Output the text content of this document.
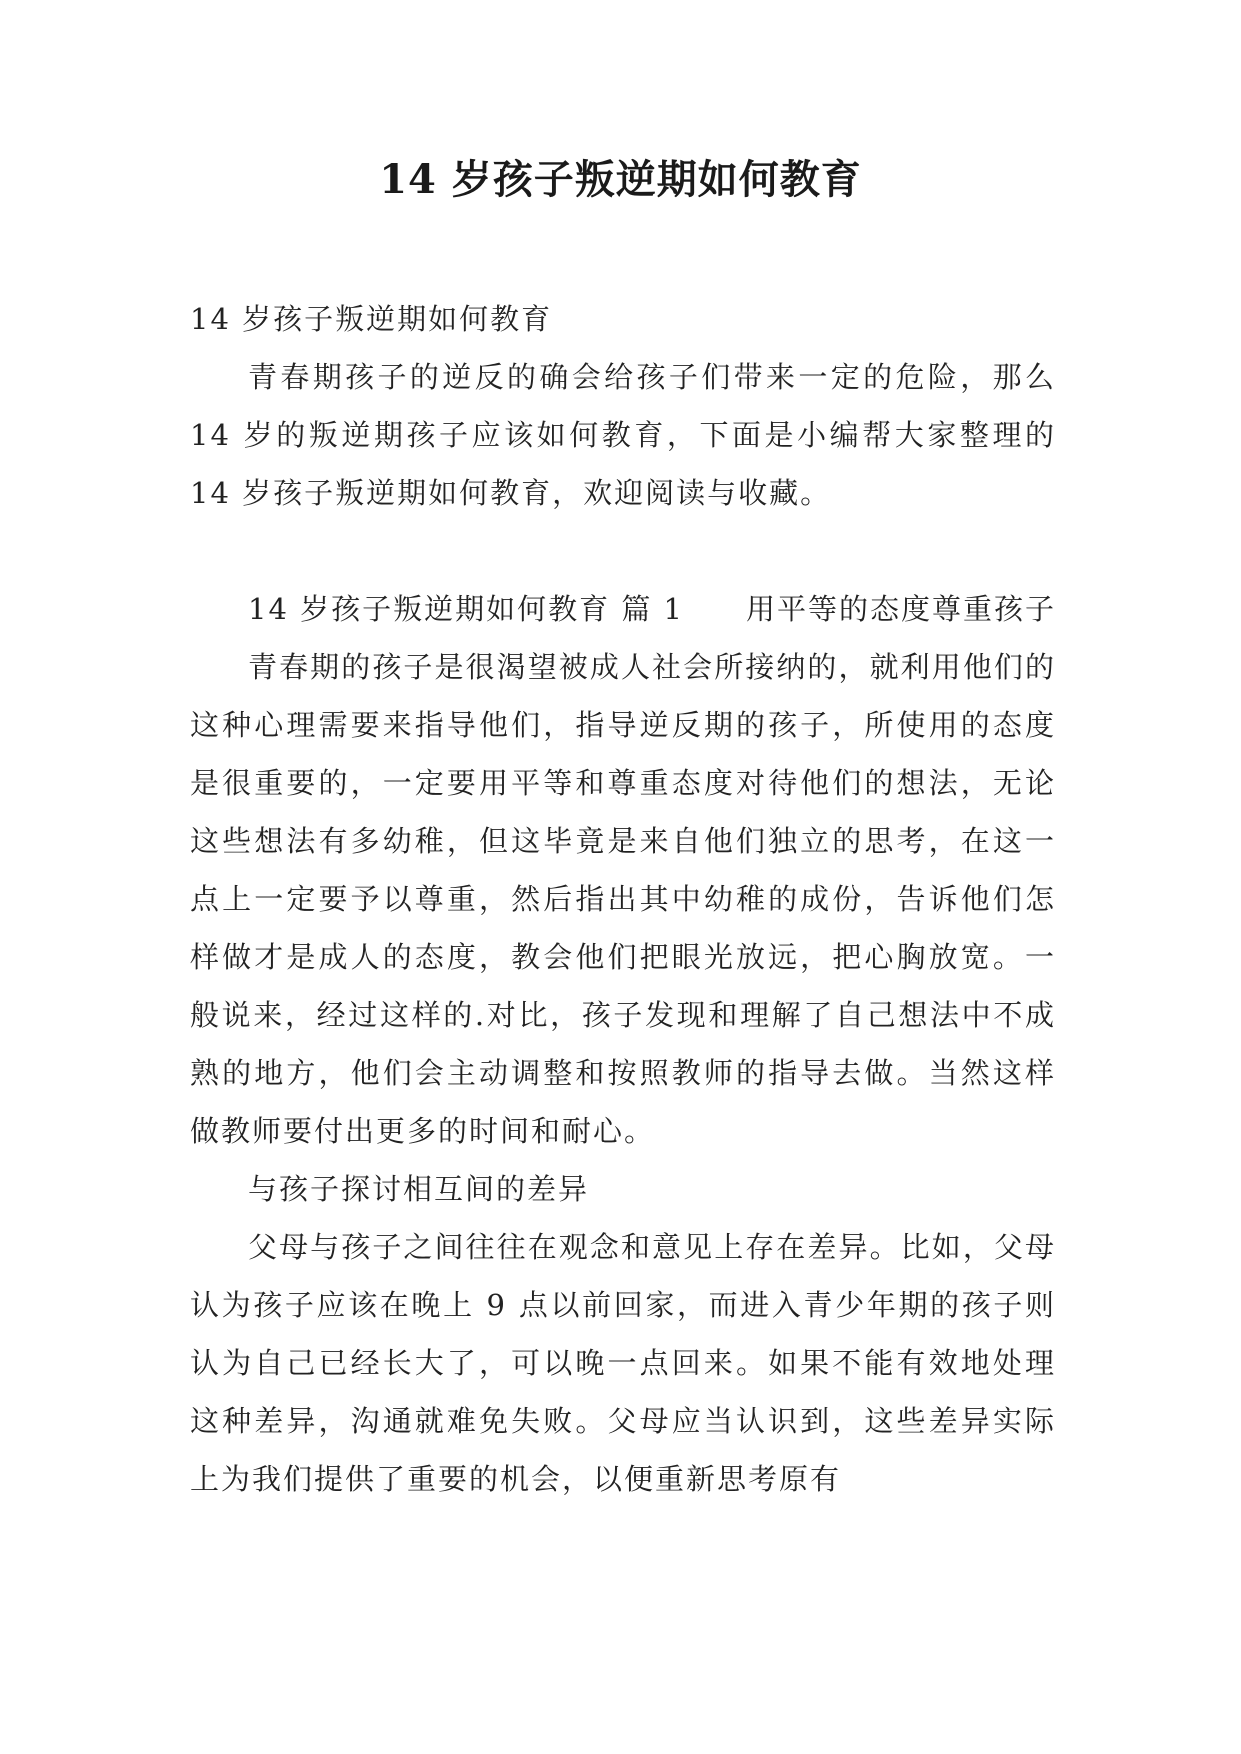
14 岁孩子叛逆期如何教育

14 岁孩子叛逆期如何教育

青春期孩子的逆反的确会给孩子们带来一定的危险，那么 14 岁的叛逆期孩子应该如何教育，下面是小编帮大家整理的 14 岁孩子叛逆期如何教育，欢迎阅读与收藏。

14 岁孩子叛逆期如何教育 篇 1　　用平等的态度尊重孩子

青春期的孩子是很渴望被成人社会所接纳的，就利用他们的这种心理需要来指导他们，指导逆反期的孩子，所使用的态度是很重要的，一定要用平等和尊重态度对待他们的想法，无论这些想法有多幼稚，但这毕竟是来自他们独立的思考，在这一点上一定要予以尊重，然后指出其中幼稚的成份，告诉他们怎样做才是成人的态度，教会他们把眼光放远，把心胸放宽。一般说来，经过这样的.对比，孩子发现和理解了自己想法中不成熟的地方，他们会主动调整和按照教师的指导去做。当然这样做教师要付出更多的时间和耐心。

与孩子探讨相互间的差异

父母与孩子之间往往在观念和意见上存在差异。比如，父母认为孩子应该在晚上 9 点以前回家，而进入青少年期的孩子则认为自己已经长大了，可以晚一点回来。如果不能有效地处理这种差异，沟通就难免失败。父母应当认识到，这些差异实际上为我们提供了重要的机会，以便重新思考原有
